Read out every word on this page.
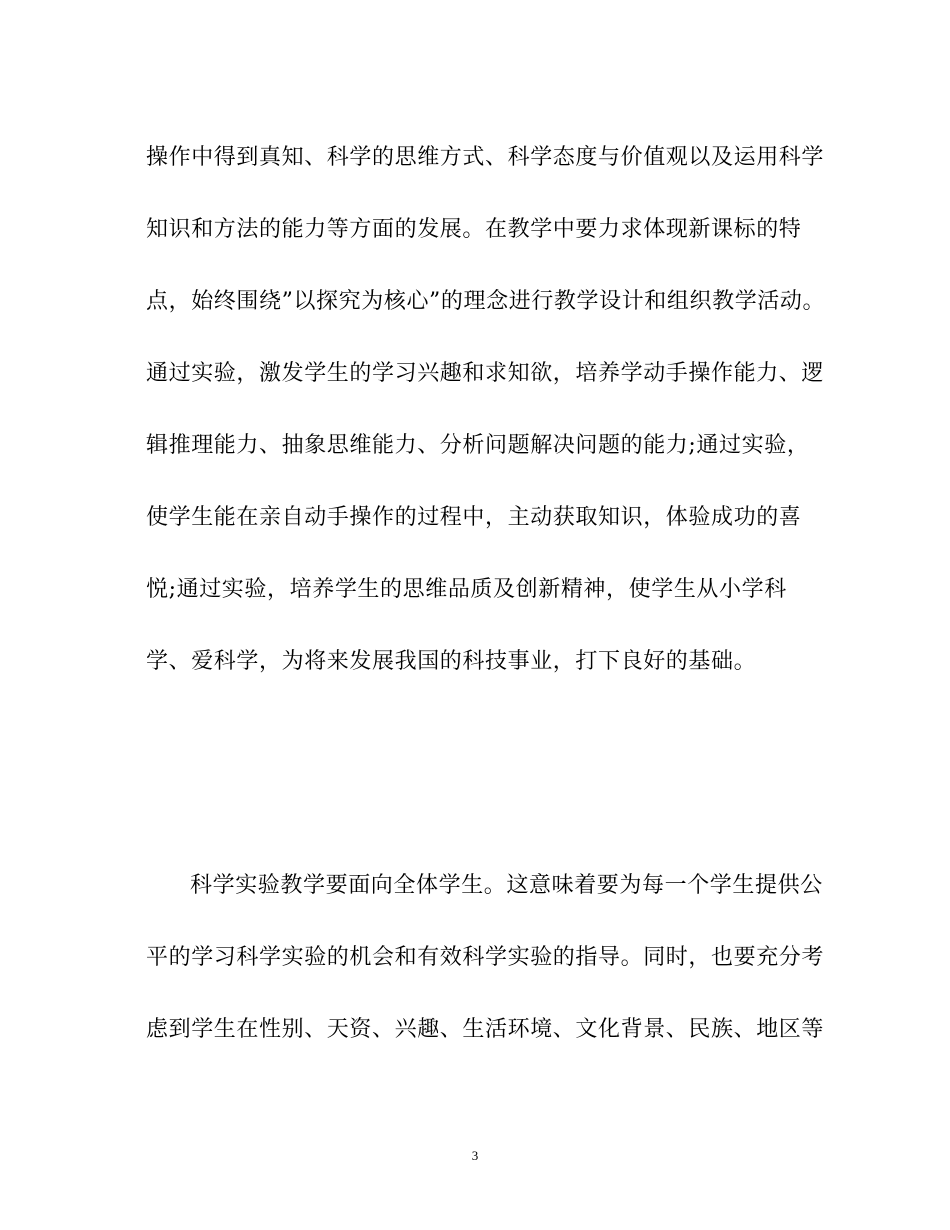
操作中得到真知、科学的思维方式、科学态度与价值观以及运用科学
知识和方法的能力等方面的发展。在教学中要力求体现新课标的特
点，始终围绕”以探究为核心”的理念进行教学设计和组织教学活动。
通过实验，激发学生的学习兴趣和求知欲，培养学动手操作能力、逻
辑推理能力、抽象思维能力、分析问题解决问题的能力;通过实验，
使学生能在亲自动手操作的过程中，主动获取知识，体验成功的喜
悦;通过实验，培养学生的思维品质及创新精神，使学生从小学科
学、爱科学，为将来发展我国的科技事业，打下良好的基础。
科学实验教学要面向全体学生。这意味着要为每一个学生提供公
平的学习科学实验的机会和有效科学实验的指导。同时，也要充分考
虑到学生在性别、天资、兴趣、生活环境、文化背景、民族、地区等
3
